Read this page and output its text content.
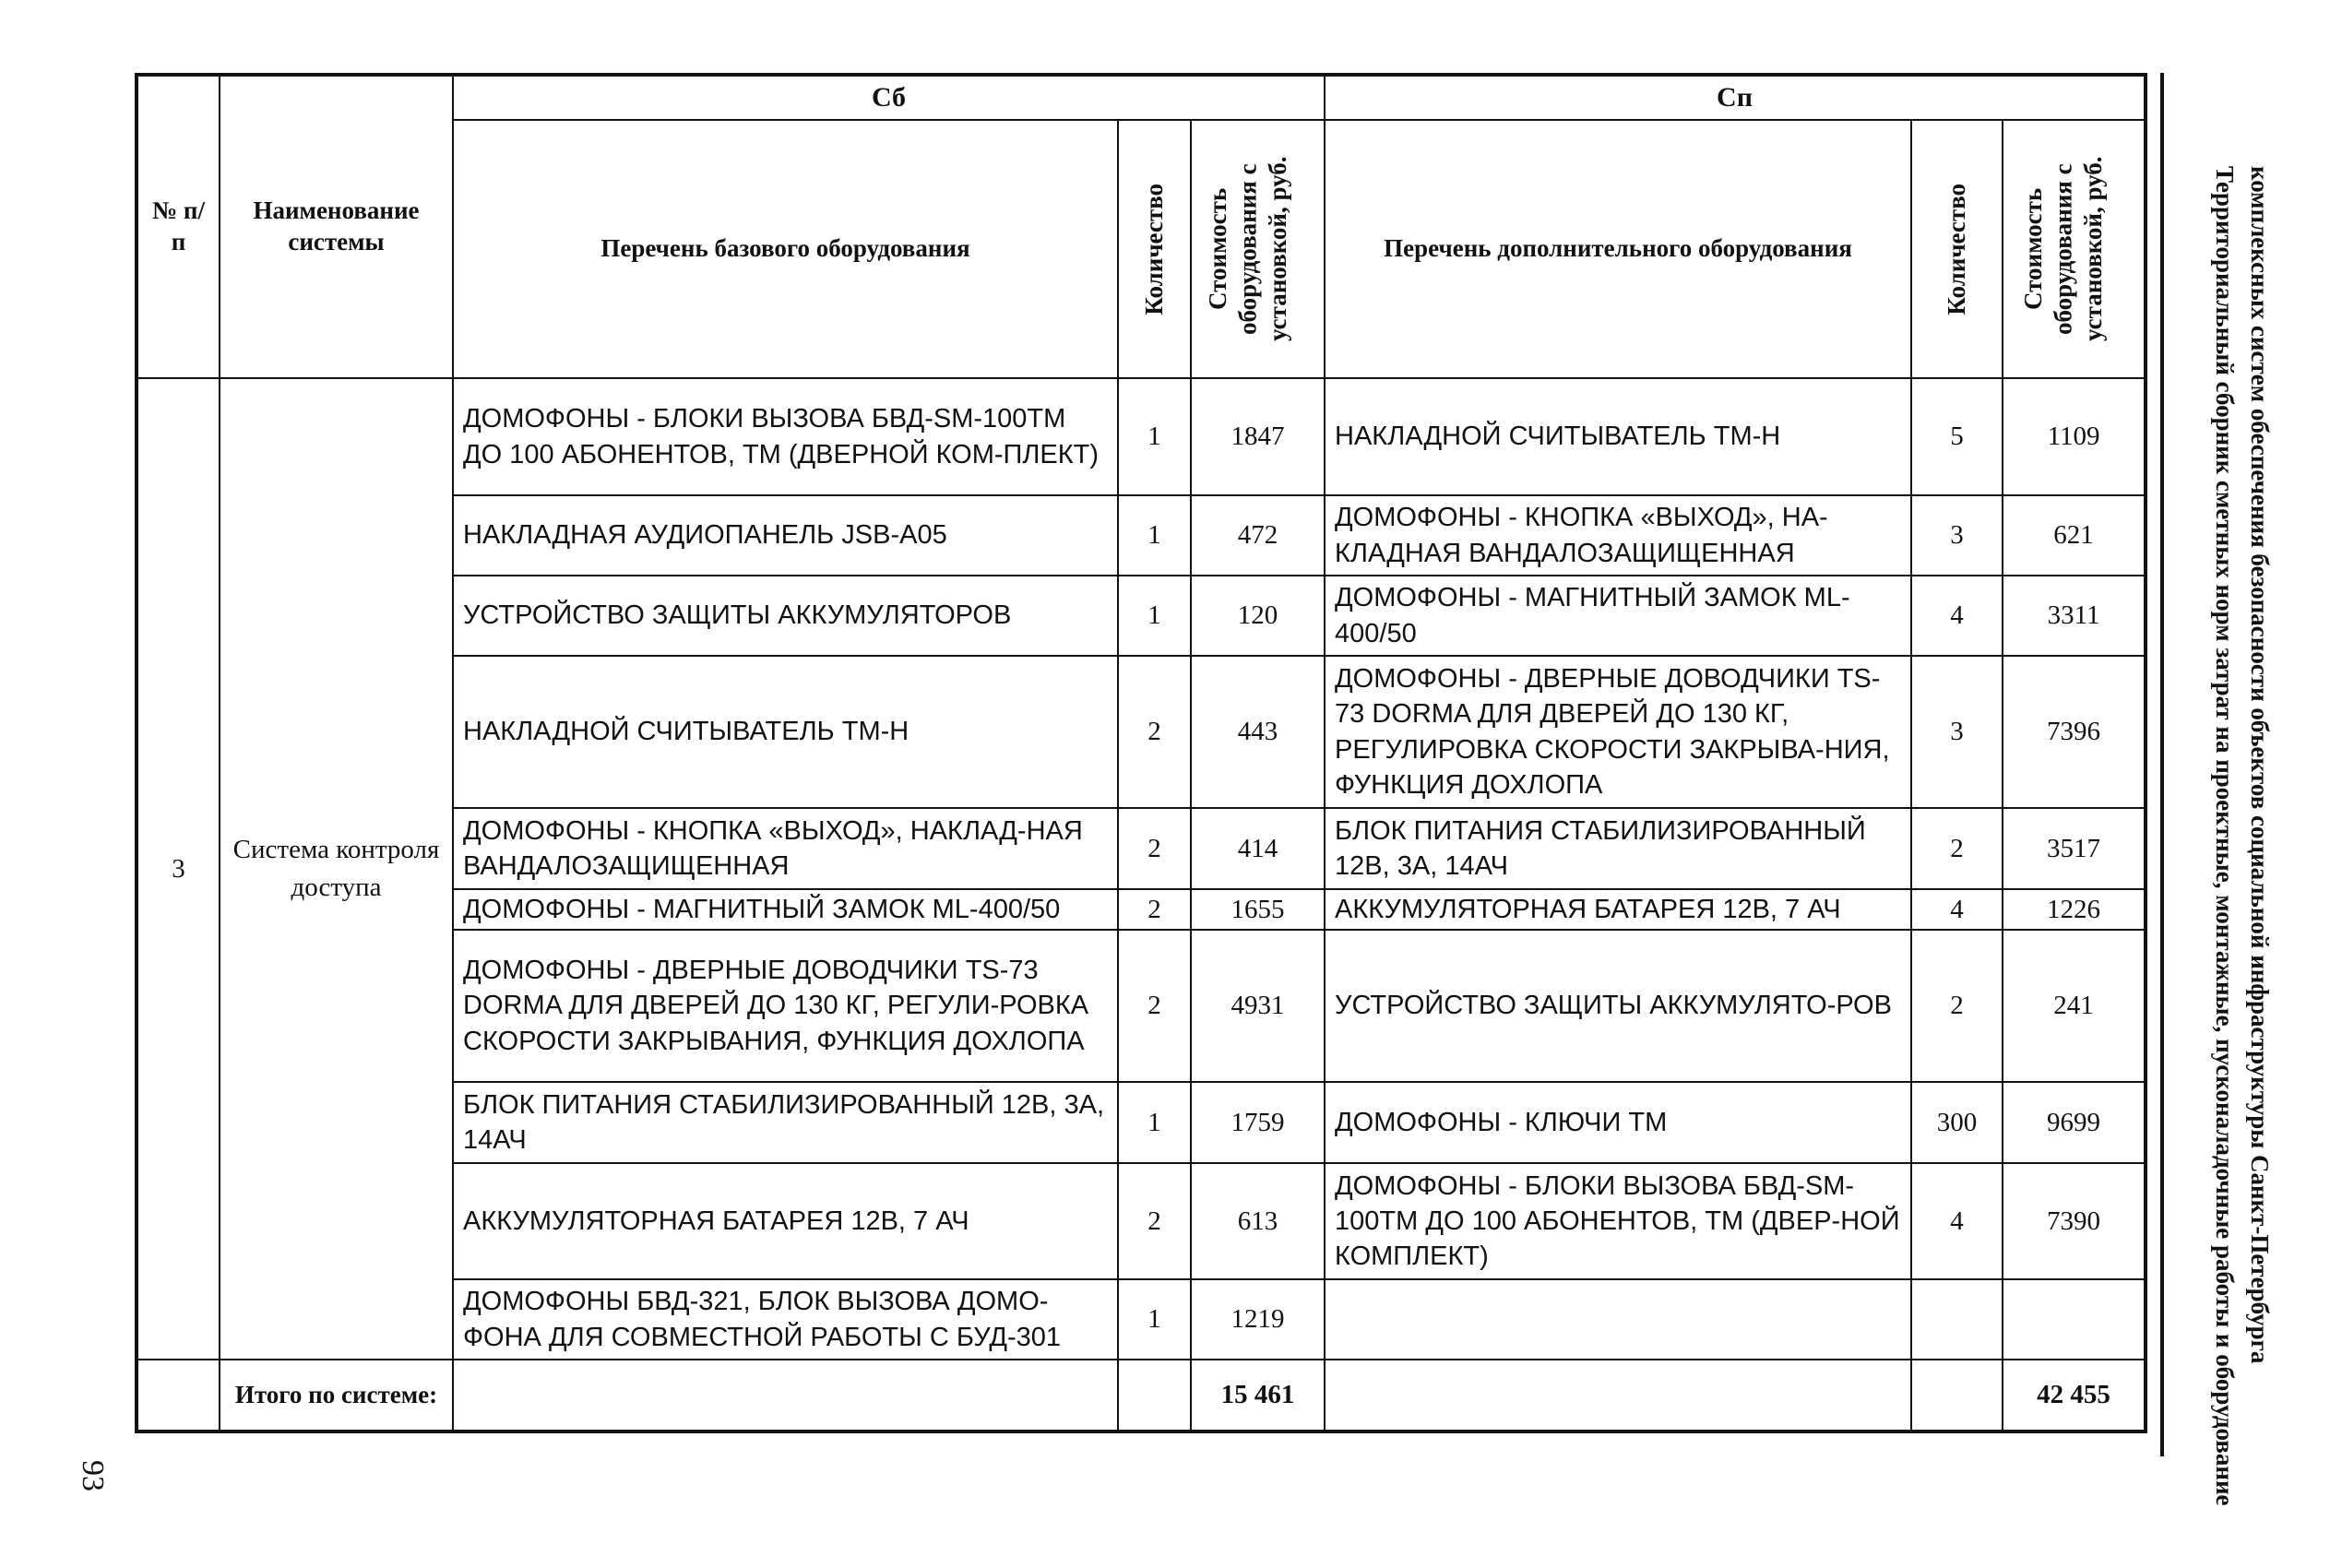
№ п/п	Наименование системы	Сб			Сп		
		Перечень базового оборудования	Количество	Стоимость оборудования с установкой, руб.	Перечень дополнительного оборудования	Количество	Стоимость оборудования с установкой, руб.

3	Система контроля доступа	ДОМОФОНЫ - БЛОКИ ВЫЗОВА БВД-SM-100ТМ ДО 100 АБОНЕНТОВ, ТМ (ДВЕРНОЙ КОМ-ПЛЕКТ)	1	1847	НАКЛАДНОЙ СЧИТЫВАТЕЛЬ ТМ-Н	5	1109
		НАКЛАДНАЯ АУДИОПАНЕЛЬ JSB-A05	1	472	ДОМОФОНЫ - КНОПКА «ВЫХОД», НА-КЛАДНАЯ ВАНДАЛОЗАЩИЩЕННАЯ	3	621
		УСТРОЙСТВО ЗАЩИТЫ АККУМУЛЯТОРОВ	1	120	ДОМОФОНЫ - МАГНИТНЫЙ ЗАМОК ML-400/50	4	3311
		НАКЛАДНОЙ СЧИТЫВАТЕЛЬ ТМ-Н	2	443	ДОМОФОНЫ - ДВЕРНЫЕ ДОВОДЧИКИ TS-73 DORMA ДЛЯ ДВЕРЕЙ ДО 130 КГ, РЕГУЛИРОВКА СКОРОСТИ ЗАКРЫВА-НИЯ, ФУНКЦИЯ ДОХЛОПА	3	7396
		ДОМОФОНЫ - КНОПКА «ВЫХОД», НАКЛАД-НАЯ ВАНДАЛОЗАЩИЩЕННАЯ	2	414	БЛОК ПИТАНИЯ СТАБИЛИЗИРОВАННЫЙ 12В, 3А, 14АЧ	2	3517
		ДОМОФОНЫ - МАГНИТНЫЙ ЗАМОК ML-400/50	2	1655	АККУМУЛЯТОРНАЯ БАТАРЕЯ 12В, 7 АЧ	4	1226
		ДОМОФОНЫ - ДВЕРНЫЕ ДОВОДЧИКИ TS-73 DORMA ДЛЯ ДВЕРЕЙ ДО 130 КГ, РЕГУЛИ-РОВКА СКОРОСТИ ЗАКРЫВАНИЯ, ФУНКЦИЯ ДОХЛОПА	2	4931	УСТРОЙСТВО ЗАЩИТЫ АККУМУЛЯТО-РОВ	2	241
		БЛОК ПИТАНИЯ СТАБИЛИЗИРОВАННЫЙ 12В, 3А, 14АЧ	1	1759	ДОМОФОНЫ - КЛЮЧИ ТМ	300	9699
		АККУМУЛЯТОРНАЯ БАТАРЕЯ 12В, 7 АЧ	2	613	ДОМОФОНЫ - БЛОКИ ВЫЗОВА БВД-SM-100ТМ ДО 100 АБОНЕНТОВ, ТМ (ДВЕР-НОЙ КОМПЛЕКТ)	4	7390
		ДОМОФОНЫ БВД-321, БЛОК ВЫЗОВА ДОМО-ФОНА ДЛЯ СОВМЕСТНОЙ РАБОТЫ С БУД-301	1	1219			
	Итого по системе:			15 461			42 455	Территориальный сборник сметных норм затрат на проектные, монтажные, пусконаладочные работы и оборудование комплексных систем обеспечения безопасности объектов социальной инфраструктуры Санкт-Петербурга
93
